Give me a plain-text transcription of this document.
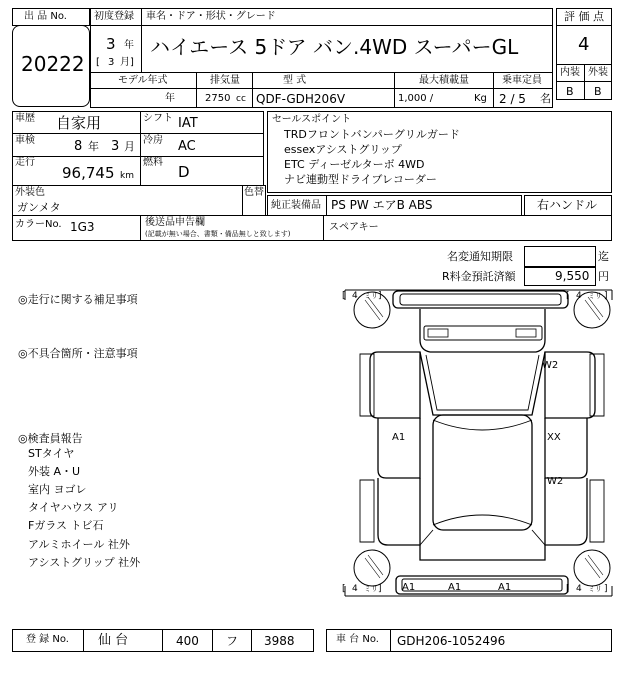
出 品 No.
20222
初度登録
3 年
[ 3 月]
車名・ドア・形状・グレード
ハイエース 5ドア バン.4WD スーパーGL
評 価 点
4
モデル年式
年
排気量
2750 cc
型 式
QDF-GDH206V
最大積載量
1,000 /	Kg
乗車定員
2 / 5 名
内装 外装
B B
車歴 自家用	シフト IAT
車検	8 年 3 月 冷房 AC
走行
96,745 km
燃料
D
外装色
ガンメタ
色替
カラーNo. 1G3	後送品申告欄
(記載が無い場合、書類・備品無しと致します)
セールスポイント
TRDフロントバンパーグリルガード
essexアシストグリップ
ETC ディーゼルターボ 4WD
ナビ連動型ドライブレコーダー
純正装備品 PS PW エアB ABS	右ハンドル
スペアキー
名変通知期限	迄
R料金預託済額	9,550 円
◎走行に関する補足事項
◎不具合箇所・注意事項
◎検査員報告
STタイヤ
外装 A・U
室内 ヨゴレ
タイヤハウス アリ
Fガラス トビ石
アルミホイール 社外
アシストグリップ 社外
[ 4 ミリ ]	[ 4 ミリ ]
[ 4 ミリ ]	[ 4 ミリ ]
W2
A1	XX
W2
A1	A1	A1
登 録 No. 仙 台	400 フ 3988	車 台 No. GDH206-1052496
